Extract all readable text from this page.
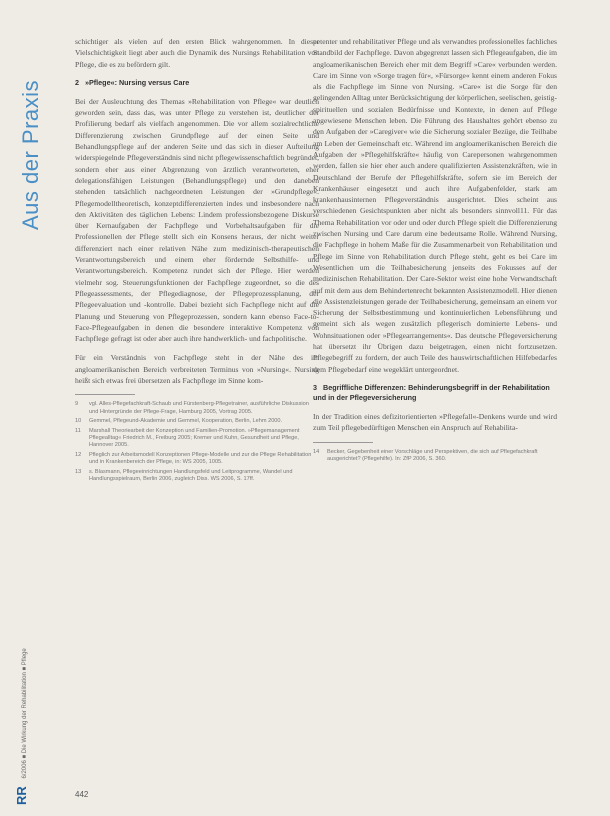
Aus der Praxis
RR 6/2006 ■ Die Wirkung der Rehabilitation ■ Pflege

schichtiger als vielen auf den ersten Blick wahrgenommen. In dieser Vielschichtigkeit liegt aber auch die Dynamik des Nursings Rehabilitation von Pflege, die es zu befördern gilt.

2 »Pflege«: Nursing versus Care

Bei der Ausleuchtung des Themas »Rehabilitation von Pflege« war deutlich geworden sein, dass das, was unter Pflege zu verstehen ist, deutlicher der Profilierung bedarf als vielfach angenommen. Die vor allem sozialrechtliche Differenzierung zwischen Grundpflege auf der einen Seite und Behandlungspflege auf der anderen Seite und das sich in dieser Aufteilung widerspiegelnde Pflegeverständnis sind nicht pflegewissenschaftlich begründet, sondern eher aus einer Abgrenzung von ärztlich verantworteten, eher delegationsfähigen Leistungen (Behandlungspflege) und den daneben stehenden tatsächlich nachgeordneten Leistungen der »Grundpflege«. Pflegemodelltheoretisch, konzeptdifferenzierten indes und insbesondere nach den Aktivitäten des täglichen Lebens: Lindem professionsbezogene Diskurse über Kernaufgaben der Fachpflege und Vorbehaltsaufgaben für die Professionellen der Pflege stellt sich ein Konsens heraus, der nicht weiter differenziert nach einer relativen Nähe zum medizinisch-therapeutischen Verantwortungsbereich und einem eher fördernde Selbsthilfe- und Verantwortungsbereich. Kompetenz rundet sich der Pflege. Hier werden vielmehr sog. Steuerungsfunktionen der Fachpflege zugeordnet, so die des Pflegeassessments, der Pflegediagnose, der Pflegeprozessplanung, der Pflegeevaluation und -kontrolle. Dabei bezieht sich Fachpflege nicht auf die Planung und Steuerung von Pflegeprozessen, sondern kann ebenso Face-to-Face-Pflegeaufgaben in denen die besondere interaktive Kompetenz von Fachpflege gefragt ist oder aber auch ihre handwerklich- und fachpolitische.

Für ein Verständnis von Fachpflege steht in der Nähe des im angloamerikanischen Bereich verbreiteten Terminus von »Nursing«. Nursing heißt sich etwas frei übersetzen als Fachpflege im Sinne kom-

9	vgl. Alles-Pflegefachkraft-Schaub und Fürstenberg-Pflegetrainer, ausführliche Diskussion und Hintergründe der Pflege-Frage, Hamburg 2005, Vortrag 2005.
10	Gemmel, Pflegeund-Akademie und Gemmel, Kooperation, Berlin, Lehm 2000.
11	Marshall Theoriearbeit der Konzeption und Familien-Promotion. »Pflegemanagement Pflegealltag« Friedrich M., Freiburg 2005; Kremer und Kuhn, Gesundheit und Pflege, Hannover 2005.
12	Pfleglich zur Arbeitsmodell Konzeptionen Pflege-Modelle und zur die Pflege Rehabilitation und in Krankenbereich der Pflege, in: WS 2005, 1005.
13	s. Blasmann, Pflegeeinrichtungen Handlungsfeld und Leitprogramme, Wandel und Handlungsspielraum, Berlin 2006, zugleich Diss. WS 2006, S. 17ff.

petenter und rehabilitativer Pflege und als verwandtes professionelles fachliches Standbild der Fachpflege. Davon abgegrenzt lassen sich Pflegeaufgaben, die im angloamerikanischen Bereich eher mit dem Begriff »Care« verbunden werden. Care im Sinne von »Sorge tragen für«, »Fürsorge« kennt einem anderen Fokus als die Fachpflege im Sinne von Nursing. »Care« ist die Sorge für den gelingenden Alltag unter Berücksichtigung der körperlichen, seelischen, geistig-spirituellen und sozialen Bedürfnisse und Kontexte, in denen auf Pflege angewiesene Menschen leben. Die Führung des Haushaltes gehört ebenso zu den Aufgaben der »Caregiver« wie die Sicherung sozialer Bezüge, die Teilhabe am Leben der Gemeinschaft etc. Während im angloamerikanischen Bereich die Aufgaben der »Pflegehilfskräfte« häufig von Carepersonen wahrgenommen werden, fallen sie hier eher auch andere qualifizierten Assistenzkräften, wie in Deutschland der Berufe der Pflegehilfskräfte, sofern sie im Bereich der Krankenhäuser eingesetzt und auch ihre Aufgabenfelder, stark am krankenhausinternen Pflegeverständnis ausgerichtet. Dies scheint aus verschiedenen Gesichtspunkten aber nicht als besonders sinnvoll11. Für das Thema Rehabilitation vor oder und oder durch Pflege spielt die Differenzierung zwischen Nursing und Care darum eine bedeutsame Rolle. Während Nursing, die Fachpflege in hohem Maße für die Zusammenarbeit von Rehabilitation und Pflege im Sinne von Rehabilitation durch Pflege steht, geht es bei Care im Wesentlichen um die Teilhabesicherung jenseits des Fokusses auf der medizinischen Rehabilitation. Der Care-Sektor weist eine hohe Verwandtschaft auf mit dem aus dem Behindertenrecht bekannten Assistenzmodell. Hier dienen die Assistenzleistungen gerade der Teilhabesicherung, gemeinsam an einem vor Sicherung der Selbstbestimmung und kontinuierlichen Lebensführung und gemeint sich als wegen zusätzlich pflegerisch dominierte Lebens- und Wohnsituationen oder »Pflegearrangements«. Das deutsche Pflegeversicherung hat übersetzt ihr Übrigen dazu beigetragen, einen nicht fortzusetzen. Pflegebegriff zu fordern, der auch Teile des hauswirtschaftlichen Hilfebedarfes dem Pflegebedarf eine wegeklärt untergeordnet.

3 Begriffliche Differenzen: Behinderungsbegriff in der Rehabilitation und in der Pflegeversicherung

In der Tradition eines defizitorientierten »Pflegefall«-Denkens wurde und wird zum Teil pflegebedürftigen Menschen ein Anspruch auf Rehabilita-

14	Becker, Gegebenheit einer Vorschläge und Perspektiven, die sich auf Pflegefachkraft ausgerichtet? (Pflegehilfe). In: ZfP 2006, S. 360.
442
